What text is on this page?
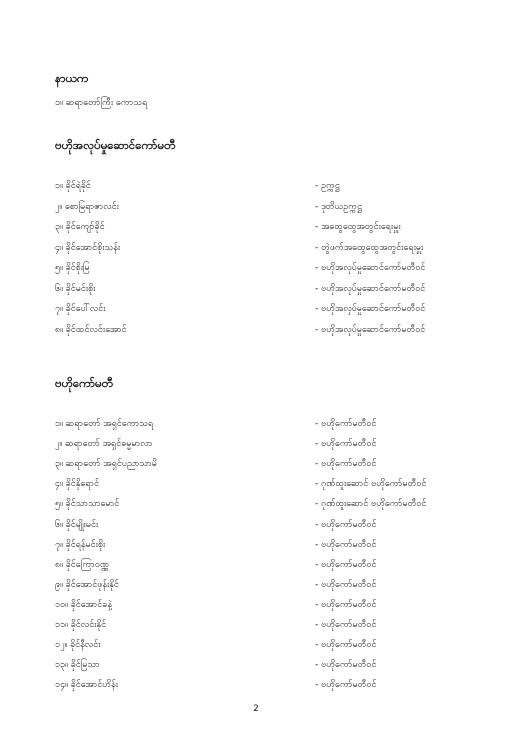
နာယက
၁။ ဆရာတော်ကြီး ကောသရ
ဗဟိုအလုပ်မှုဆောင်ကော်မတီ
၁။ ခိုင်ရဲခိုင်	- ဥက္ကဋ္ဌ
၂။ စောမြရာဇာလင်း	- ဒုတိယဥက္ကဋ္ဌ
၃။ ခိုင်ကျော်ခိုင်	- အထွေထွေအတွင်းရေးမှူး
၄။ ခိုင်အောင်စိုးသန်း	- တွဲဖက်အထွေထွေအတွင်းရေးမှူး
၅။ ခိုင်စိုးမြ	- ဗဟိုအလုပ်မှုဆောင်ကော်မတီဝင်
၆။ ခိုင်မင်းစိုး	- ဗဟိုအလုပ်မှုဆောင်ကော်မတီဝင်
၇။ ခိုင်ပေါ်လင်း	- ဗဟိုအလုပ်မှုဆောင်ကော်မတီဝင်
၈။ ခိုင်ထင်လင်းအောင်	- ဗဟိုအလုပ်မှုဆောင်ကော်မတီဝင်
ဗဟိုကော်မတီ
၁။ ဆရာတော် အရှင်ကောသရ	- ဗဟိုကော်မတီဝင်
၂။ ဆရာတော် အရှင်ဓမ္မမာလာ	- ဗဟိုကော်မတီဝင်
၃။ ဆရာတော် အရှင်ပညာသာမိ	- ဗဟိုကော်မတီဝင်
၄။ ခိုင်နိုရောင်	- ဂုဏ်ထူးဆောင် ဗဟိုကော်မတီဝင်
၅။ ခိုင်သာသာမောင်	- ဂုဏ်ထူးဆောင် ဗဟိုကော်မတီဝင်
၆။ ခိုင်မျိုးမင်း	- ဗဟိုကော်မတီဝင်
၇။ ခိုင်ရန်မင်းစိုး	- ဗဟိုကော်မတီဝင်
၈။ ခိုင်ကြောဝဏ္ဏ	- ဗဟိုကော်မတီဝင်
၉။ ခိုင်အောင်ဖုန်းနိုင်	- ဗဟိုကော်မတီဝင်
၁၀။ ခိုင်အောင်ခနဲ့	- ဗဟိုကော်မတီဝင်
၁၁။ ခိုင်လင်းနိုင်	- ဗဟိုကော်မတီဝင်
၁၂။ ခိုင်နီလင်း	- ဗဟိုကော်မတီဝင်
၁၃။ ခိုင်မြသာ	- ဗဟိုကော်မတီဝင်
၁၄။ ခိုင်အောင်ဟိန်း	- ဗဟိုကော်မတီဝင်
2
